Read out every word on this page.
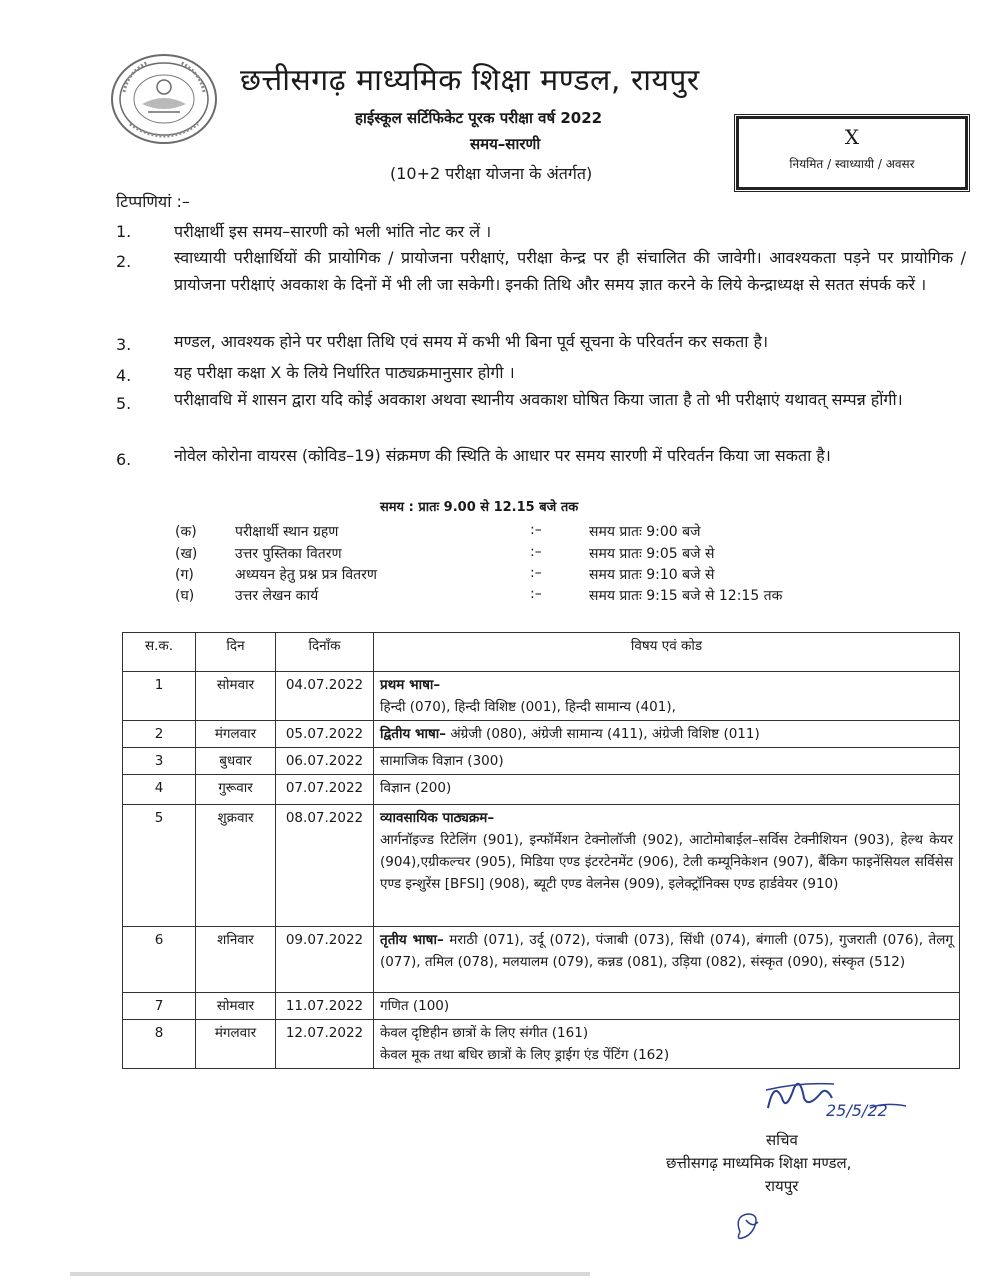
छत्तीसगढ़ माध्यमिक शिक्षा मण्डल, रायपुर
हाईस्कूल सर्टिफिकेट पूरक परीक्षा वर्ष 2022
समय–सारणी
(10+2 परीक्षा योजना के अंतर्गत)
X
नियमित / स्वाध्यायी / अवसर
टिप्पणियां :–
1.	परीक्षार्थी इस समय–सारणी को भली भांति नोट कर लें ।
2.	स्वाध्यायी परीक्षार्थियों की प्रायोगिक / प्रायोजना परीक्षाएं, परीक्षा केन्द्र पर ही संचालित की जावेगी। आवश्यकता पड़ने पर प्रायोगिक / प्रायोजना परीक्षाएं अवकाश के दिनों में भी ली जा सकेगी। इनकी तिथि और समय ज्ञात करने के लिये केन्द्राध्यक्ष से सतत संपर्क करें ।
3.	मण्डल, आवश्यक होने पर परीक्षा तिथि एवं समय में कभी भी बिना पूर्व सूचना के परिवर्तन कर सकता है।
4.	यह परीक्षा कक्षा X के लिये निर्धारित पाठ्यक्रमानुसार होगी ।
5.	परीक्षावधि में शासन द्वारा यदि कोई अवकाश अथवा स्थानीय अवकाश घोषित किया जाता है तो भी परीक्षाएं यथावत् सम्पन्न होंगी।
6.	नोवेल कोरोना वायरस (कोविड–19) संक्रमण की स्थिति के आधार पर समय सारणी में परिवर्तन किया जा सकता है।
समय : प्रातः 9.00 से 12.15 बजे तक
(क)	परीक्षार्थी स्थान ग्रहण	:–	समय प्रातः 9:00 बजे
(ख)	उत्तर पुस्तिका वितरण	:–	समय प्रातः 9:05 बजे से
(ग)	अध्ययन हेतु प्रश्न प्रत्र वितरण	:–	समय प्रातः 9:10 बजे से
(घ)	उत्तर लेखन कार्य	:–	समय प्रातः 9:15 बजे से 12:15 तक
स.क.	दिन	दिनाँक	विषय एवं कोड
1	सोमवार	04.07.2022	प्रथम भाषा–
हिन्दी (070), हिन्दी विशिष्ट (001), हिन्दी सामान्य (401),

2	मंगलवार	05.07.2022	द्वितीय भाषा– अंग्रेजी (080), अंग्रेजी सामान्य (411), अंग्रेजी विशिष्ट (011)
3	बुधवार	06.07.2022	सामाजिक विज्ञान (300)
4	गुरूवार	07.07.2022	विज्ञान (200)
5	शुक्रवार	08.07.2022	व्यावसायिक पाठ्यक्रम–
आर्गनॉइज्ड रिटेलिंग (901), इन्फॉर्मेशन टेक्नोलॉजी (902), आटोमोबाईल–सर्विस टेक्नीशियन (903), हेल्थ केयर (904),एग्रीकल्चर (905), मिडिया एण्ड इंटरटेनमेंट (906), टेली कम्यूनिकेशन (907), बैंकिग फाइनेंसियल सर्विसेस एण्ड इन्शुरेंस [BFSI] (908), ब्यूटी एण्ड वेलनेस (909), इलेक्ट्रॉनिक्स एण्ड हार्डवेयर (910)

6	शनिवार	09.07.2022	तृतीय भाषा– मराठी (071), उर्दू (072), पंजाबी (073), सिंधी (074), बंगाली (075), गुजराती (076), तेलगू (077), तमिल (078), मलयालम (079), कन्नड (081), उड़िया (082), संस्कृत (090), संस्कृत (512)
7	सोमवार	11.07.2022	गणित (100)
8	मंगलवार	12.07.2022	केवल दृष्टिहीन छात्रों के लिए संगीत (161)
केवल मूक तथा बधिर छात्रों के लिए ड्राईग एंड पेंटिंग (162)
25/5/22
सचिव
छत्तीसगढ़ माध्यमिक शिक्षा मण्डल,
रायपुर
